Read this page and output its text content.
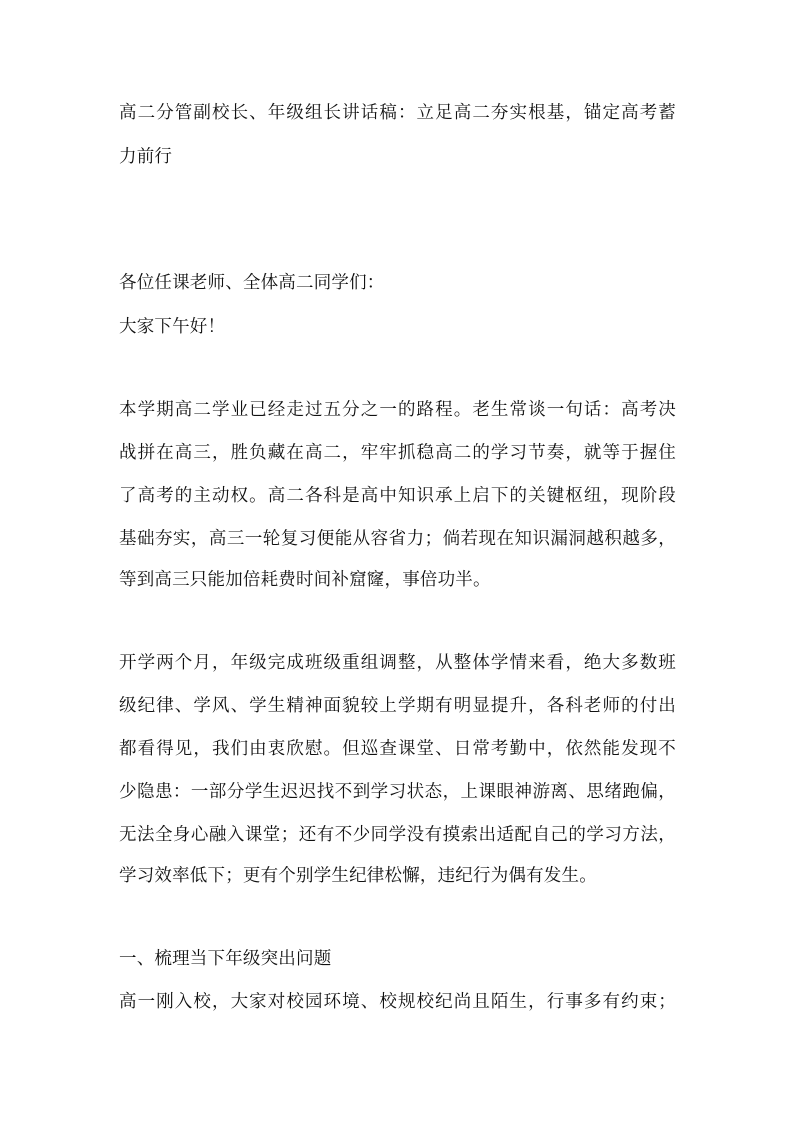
高二分管副校长、年级组长讲话稿：立足高二夯实根基，锚定高考蓄
力前行
各位任课老师、全体高二同学们：
大家下午好！
本学期高二学业已经走过五分之一的路程。老生常谈一句话：高考决
战拼在高三，胜负藏在高二，牢牢抓稳高二的学习节奏，就等于握住
了高考的主动权。高二各科是高中知识承上启下的关键枢纽，现阶段
基础夯实，高三一轮复习便能从容省力；倘若现在知识漏洞越积越多，
等到高三只能加倍耗费时间补窟窿，事倍功半。
开学两个月，年级完成班级重组调整，从整体学情来看，绝大多数班
级纪律、学风、学生精神面貌较上学期有明显提升，各科老师的付出
都看得见，我们由衷欣慰。但巡查课堂、日常考勤中，依然能发现不
少隐患：一部分学生迟迟找不到学习状态，上课眼神游离、思绪跑偏，
无法全身心融入课堂；还有不少同学没有摸索出适配自己的学习方法，
学习效率低下；更有个别学生纪律松懈，违纪行为偶有发生。
一、梳理当下年级突出问题
高一刚入校，大家对校园环境、校规校纪尚且陌生，行事多有约束；
